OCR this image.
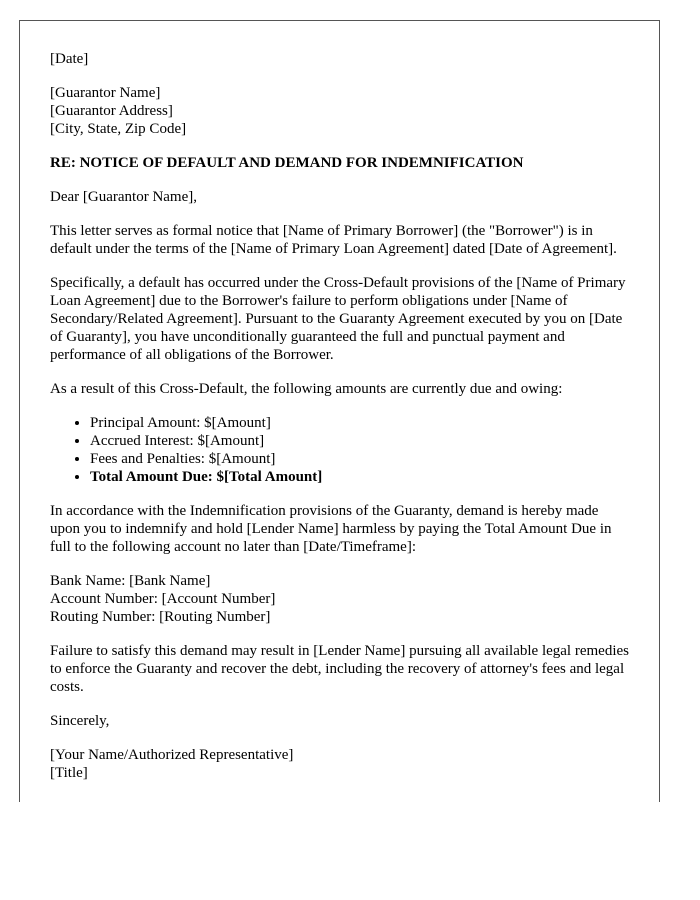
[Date]
[Guarantor Name]
[Guarantor Address]
[City, State, Zip Code]
RE: NOTICE OF DEFAULT AND DEMAND FOR INDEMNIFICATION
Dear [Guarantor Name],
This letter serves as formal notice that [Name of Primary Borrower] (the "Borrower") is in default under the terms of the [Name of Primary Loan Agreement] dated [Date of Agreement].
Specifically, a default has occurred under the Cross-Default provisions of the [Name of Primary Loan Agreement] due to the Borrower's failure to perform obligations under [Name of Secondary/Related Agreement]. Pursuant to the Guaranty Agreement executed by you on [Date of Guaranty], you have unconditionally guaranteed the full and punctual payment and performance of all obligations of the Borrower.
As a result of this Cross-Default, the following amounts are currently due and owing:
• Principal Amount: $[Amount]
• Accrued Interest: $[Amount]
• Fees and Penalties: $[Amount]
• Total Amount Due: $[Total Amount]
In accordance with the Indemnification provisions of the Guaranty, demand is hereby made upon you to indemnify and hold [Lender Name] harmless by paying the Total Amount Due in full to the following account no later than [Date/Timeframe]:
Bank Name: [Bank Name]
Account Number: [Account Number]
Routing Number: [Routing Number]
Failure to satisfy this demand may result in [Lender Name] pursuing all available legal remedies to enforce the Guaranty and recover the debt, including the recovery of attorney's fees and legal costs.
Sincerely,
[Your Name/Authorized Representative]
[Title]
